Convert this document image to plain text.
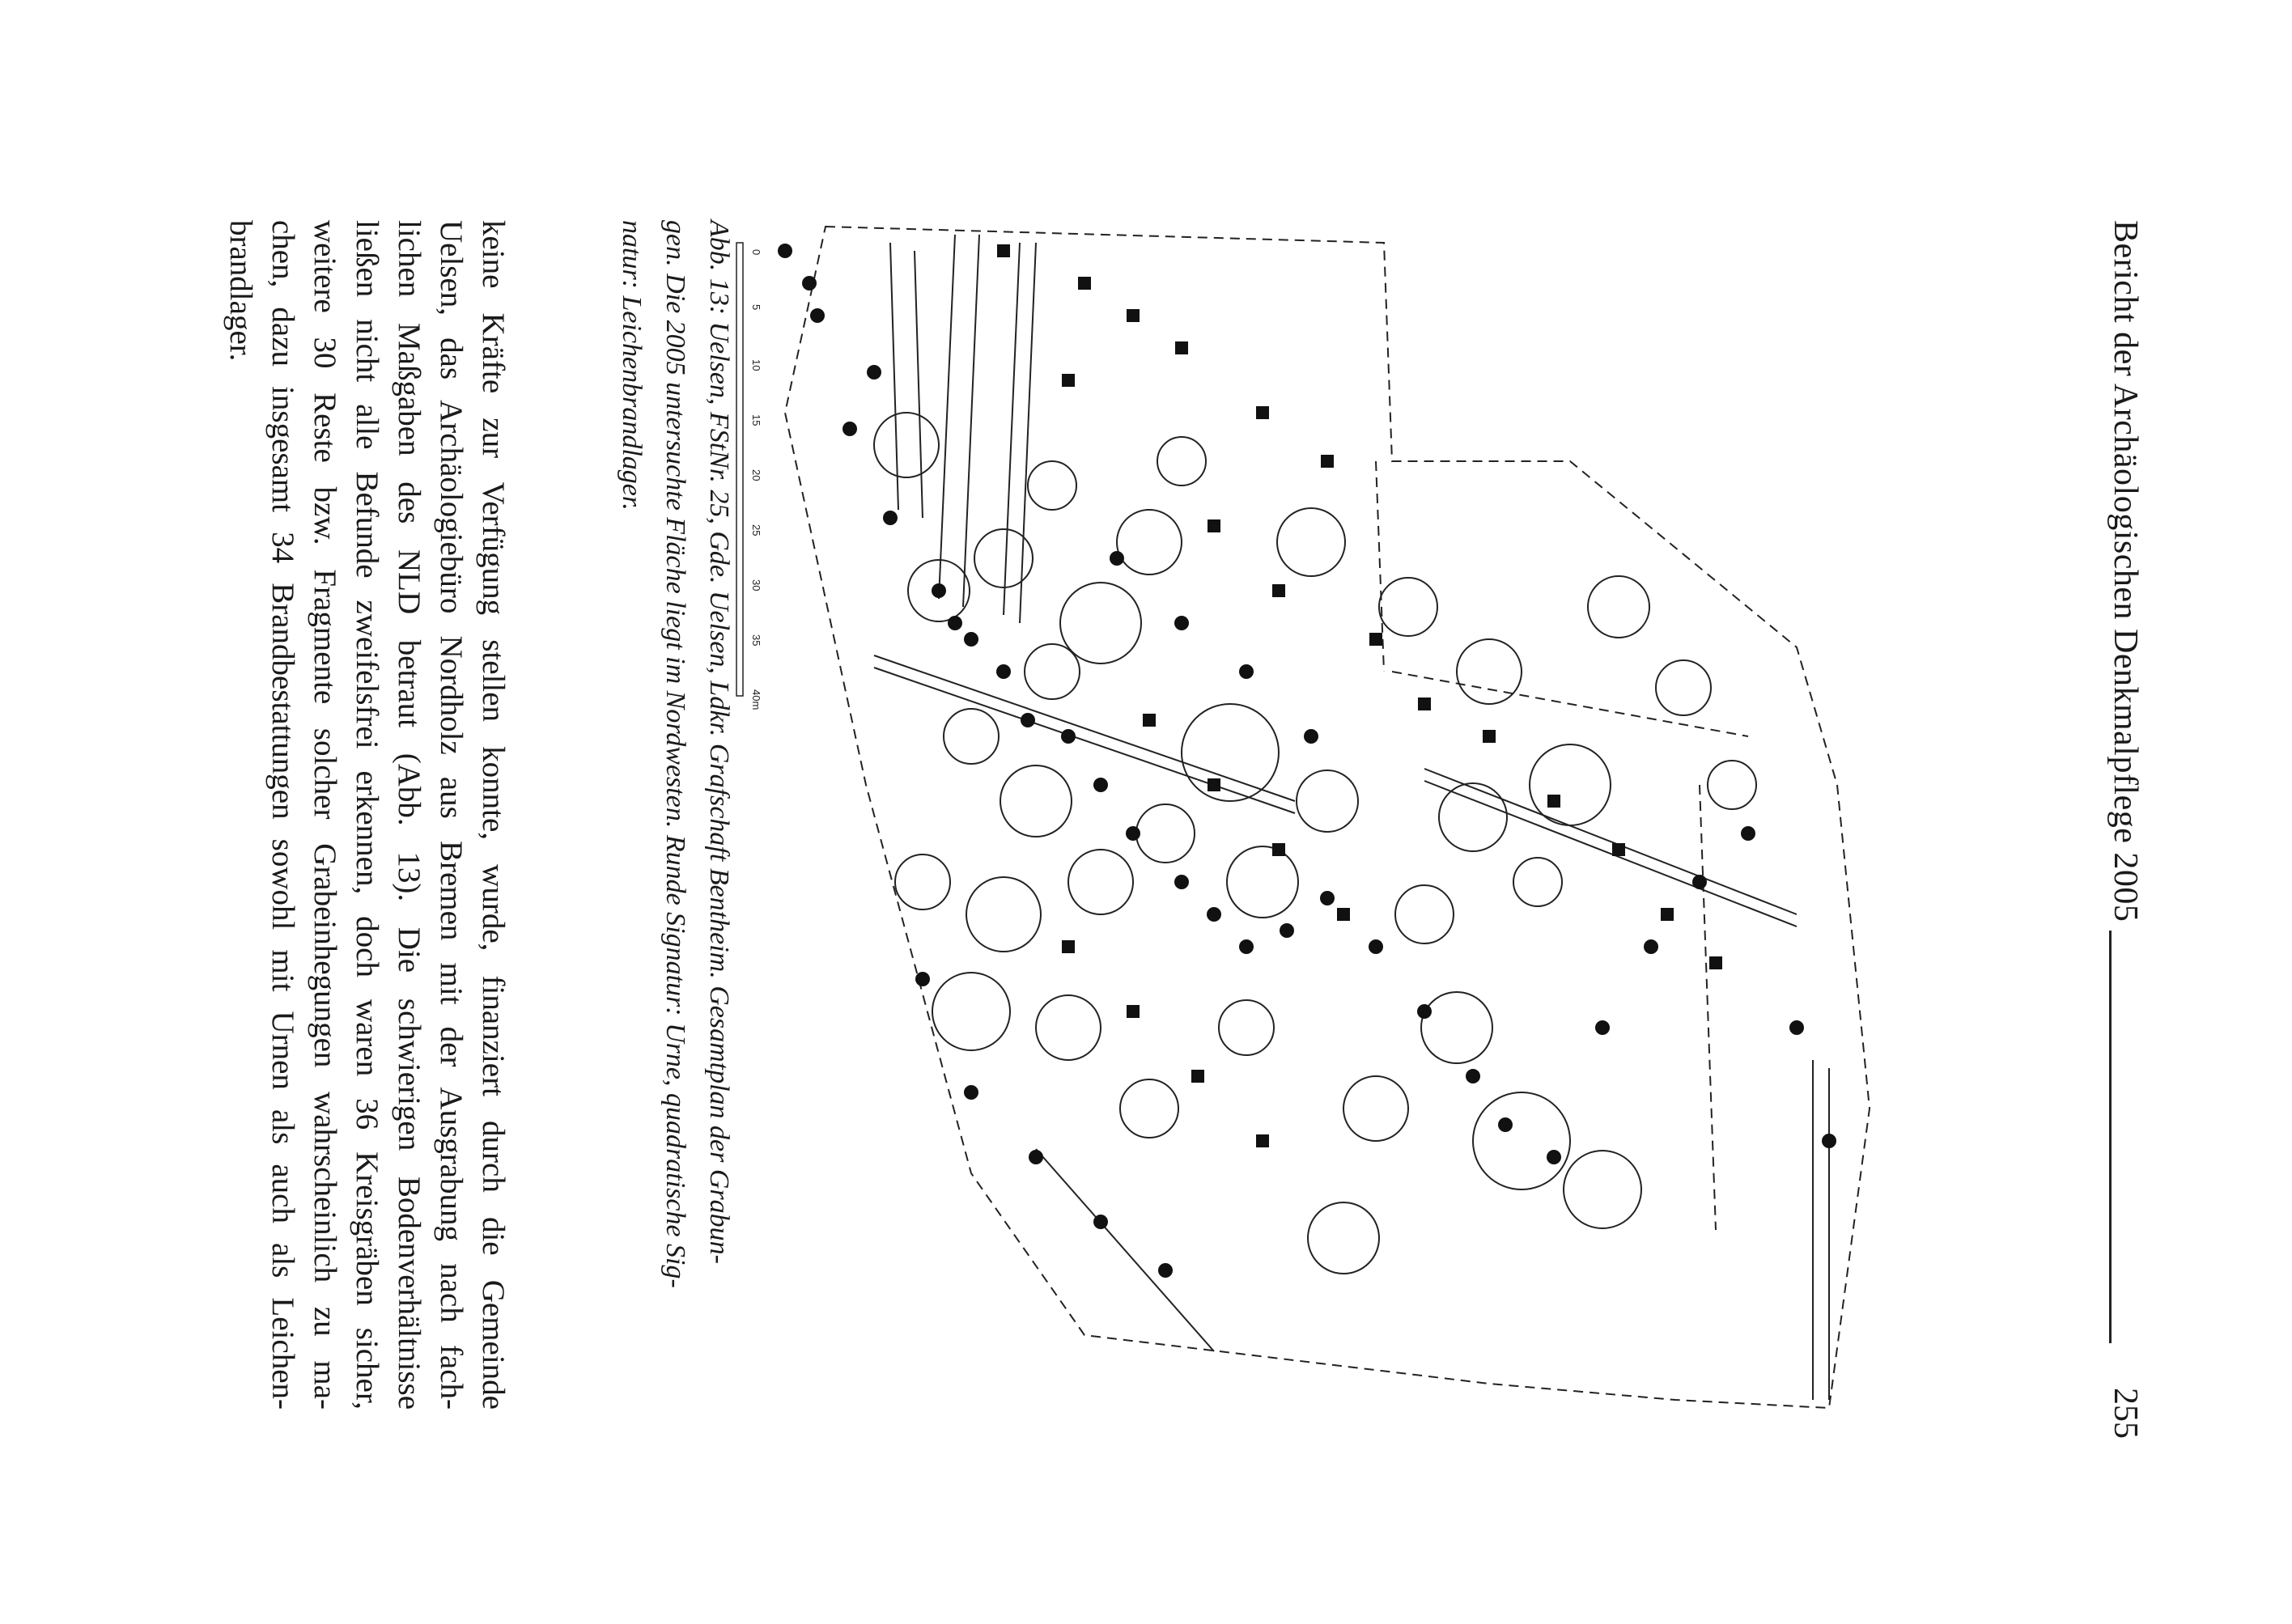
Bericht der Archäologischen Denkmalpflege 2005
255
Abb. 13: Uelsen, FStNr. 25, Gde. Uelsen, Ldkr. Grafschaft Bentheim. Gesamtplan der Grabun-
gen. Die 2005 untersuchte Fläche liegt im Nordwesten. Runde Signatur: Urne, quadratische Sig-
natur: Leichenbrandlager.
keine Kräfte zur Verfügung stellen konnte, wurde, finanziert durch die Gemeinde
Uelsen, das Archäologiebüro Nordholz aus Bremen mit der Ausgrabung nach fach-
lichen Maßgaben des NLD betraut (Abb. 13). Die schwierigen Bodenverhältnisse
ließen nicht alle Befunde zweifelsfrei erkennen, doch waren 36 Kreisgräben sicher,
weitere 30 Reste bzw. Fragmente solcher Grabeinhegungen wahrscheinlich zu ma-
chen, dazu insgesamt 34 Brandbestattungen sowohl mit Urnen als auch als Leichen-
brandlager.	0
5
10
15
20
25
30
35
40m
